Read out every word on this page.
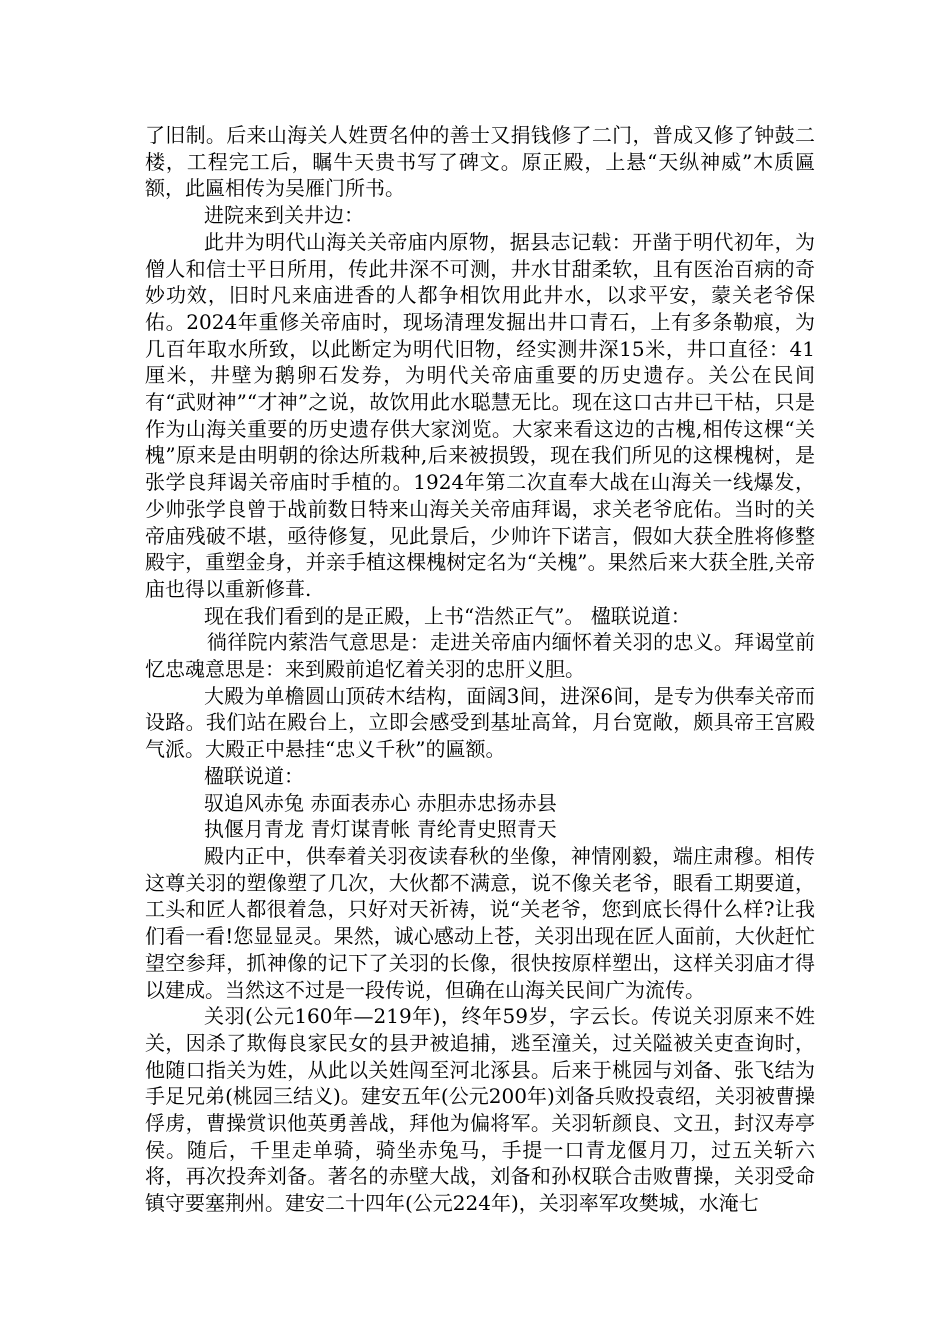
了旧制。后来山海关人姓贾名仲的善士又捐钱修了二门，普成又修了钟鼓二楼，工程完工后，瞩牛天贵书写了碑文。原正殿，上悬“天纵神威”木质匾额，此匾相传为吴雁门所书。

进院来到关井边：

此井为明代山海关关帝庙内原物，据县志记载：开凿于明代初年，为僧人和信士平日所用，传此井深不可测，井水甘甜柔软，且有医治百病的奇妙功效，旧时凡来庙进香的人都争相饮用此井水，以求平安，蒙关老爷保佑。2024年重修关帝庙时，现场清理发掘出井口青石，上有多条勒痕，为几百年取水所致，以此断定为明代旧物，经实测井深15米，井口直径：41厘米，井壁为鹅卵石发券，为明代关帝庙重要的历史遗存。关公在民间有“武财神”“才神”之说，故饮用此水聪慧无比。现在这口古井已干枯，只是作为山海关重要的历史遗存供大家浏览。大家来看这边的古槐,相传这棵“关槐”原来是由明朝的徐达所栽种,后来被损毁，现在我们所见的这棵槐树，是张学良拜谒关帝庙时手植的。1924年第二次直奉大战在山海关一线爆发，少帅张学良曾于战前数日特来山海关关帝庙拜谒，求关老爷庇佑。当时的关帝庙残破不堪，亟待修复，见此景后，少帅许下诺言，假如大获全胜将修整殿宇，重塑金身，并亲手植这棵槐树定名为“关槐”。果然后来大获全胜,关帝庙也得以重新修葺.

现在我们看到的是正殿，上书“浩然正气”。 楹联说道：

徜徉院内萦浩气意思是：走进关帝庙内缅怀着关羽的忠义。拜谒堂前忆忠魂意思是：来到殿前追忆着关羽的忠肝义胆。

大殿为单檐圆山顶砖木结构，面阔3间，进深6间，是专为供奉关帝而设路。我们站在殿台上，立即会感受到基址高耸，月台宽敞，颇具帝王宫殿气派。大殿正中悬挂“忠义千秋”的匾额。

楹联说道：

驭追风赤兔 赤面表赤心 赤胆赤忠扬赤县

执偃月青龙 青灯谋青帐 青纶青史照青天

殿内正中，供奉着关羽夜读春秋的坐像，神情刚毅，端庄肃穆。相传这尊关羽的塑像塑了几次，大伙都不满意，说不像关老爷，眼看工期要道，工头和匠人都很着急，只好对天祈祷，说“关老爷，您到底长得什么样?让我们看一看!您显显灵。果然，诚心感动上苍，关羽出现在匠人面前，大伙赶忙望空参拜，抓神像的记下了关羽的长像，很快按原样塑出，这样关羽庙才得以建成。当然这不过是一段传说，但确在山海关民间广为流传。

关羽(公元160年—219年)，终年59岁，字云长。传说关羽原来不姓关，因杀了欺侮良家民女的县尹被追捕，逃至潼关，过关隘被关吏查询时，他随口指关为姓，从此以关姓闯至河北涿县。后来于桃园与刘备、张飞结为手足兄弟(桃园三结义)。建安五年(公元200年)刘备兵败投袁绍，关羽被曹操俘虏，曹操赏识他英勇善战，拜他为偏将军。关羽斩颜良、文丑，封汉寿亭侯。随后，千里走单骑，骑坐赤兔马，手提一口青龙偃月刀，过五关斩六将，再次投奔刘备。著名的赤壁大战，刘备和孙权联合击败曹操，关羽受命镇守要塞荆州。建安二十四年(公元224年)，关羽率军攻樊城，水淹七
